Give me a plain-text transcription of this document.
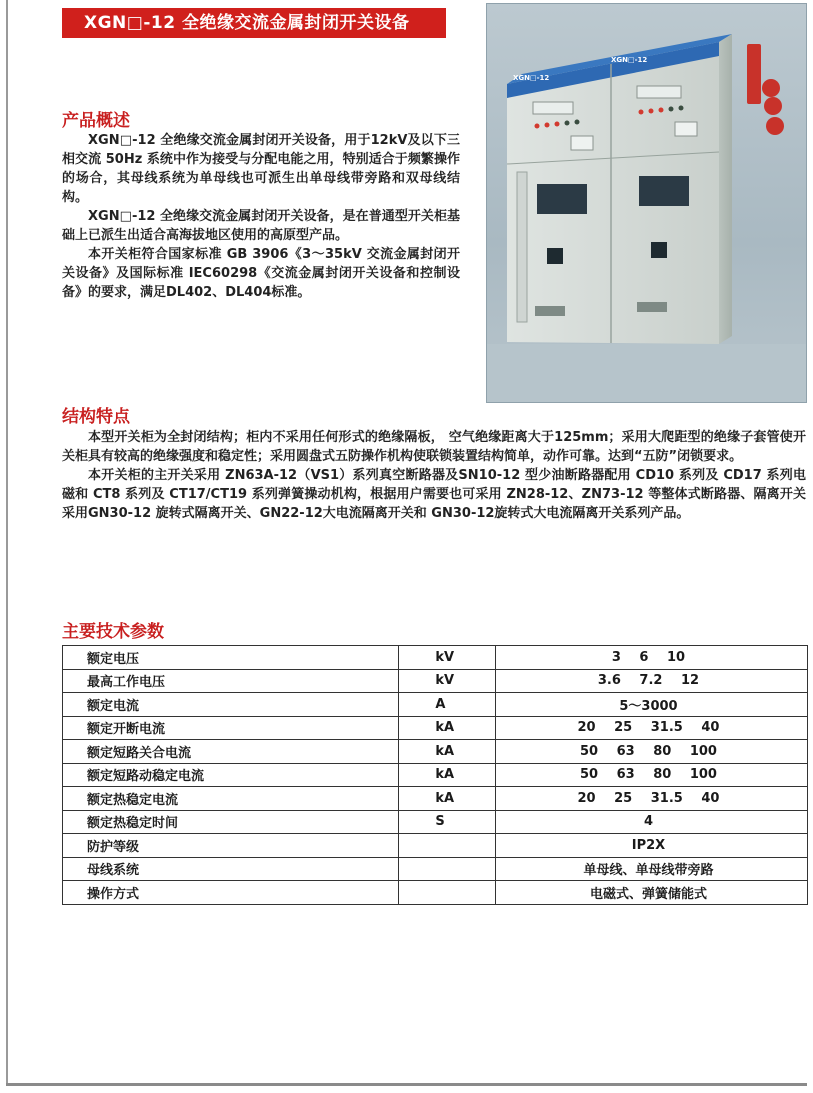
XGN□-12 全绝缘交流金属封闭开关设备
XGN□-12
XGN□-12
产品概述

XGN□-12 全绝缘交流金属封闭开关设备，用于12kV及以下三相交流 50Hz 系统中作为接受与分配电能之用，特别适合于频繁操作的场合，其母线系统为单母线也可派生出单母线带旁路和双母线结构。

XGN□-12 全绝缘交流金属封闭开关设备，是在普通型开关柜基础上已派生出适合高海拔地区使用的高原型产品。

本开关柜符合国家标准 GB 3906《3～35kV 交流金属封闭开关设备》及国际标准 IEC60298《交流金属封闭开关设备和控制设备》的要求，满足DL402、DL404标准。

结构特点

本型开关柜为全封闭结构；柜内不采用任何形式的绝缘隔板， 空气绝缘距离大于125mm；采用大爬距型的绝缘子套管使开关柜具有较高的绝缘强度和稳定性；采用圆盘式五防操作机构使联锁装置结构简单，动作可靠。达到“五防”闭锁要求。

本开关柜的主开关采用 ZN63A-12（VS1）系列真空断路器及SN10-12 型少油断路器配用 CD10 系列及 CD17 系列电磁和 CT8 系列及 CT17/CT19 系列弹簧操动机构，根据用户需要也可采用 ZN28-12、ZN73-12 等整体式断路器、隔离开关采用GN30-12 旋转式隔离开关、GN22-12大电流隔离开关和 GN30-12旋转式大电流隔离开关系列产品。

主要技术参数
额定电压	kV	3 6 10
最高工作电压	kV	3.6 7.2 12
额定电流	A	5～3000
额定开断电流	kA	20 25 31.5 40
额定短路关合电流	kA	50 63 80 100
额定短路动稳定电流	kA	50 63 80 100
额定热稳定电流	kA	20 25 31.5 40
额定热稳定时间	S	4
防护等级		IP2X
母线系统		单母线、单母线带旁路
操作方式		电磁式、弹簧储能式
